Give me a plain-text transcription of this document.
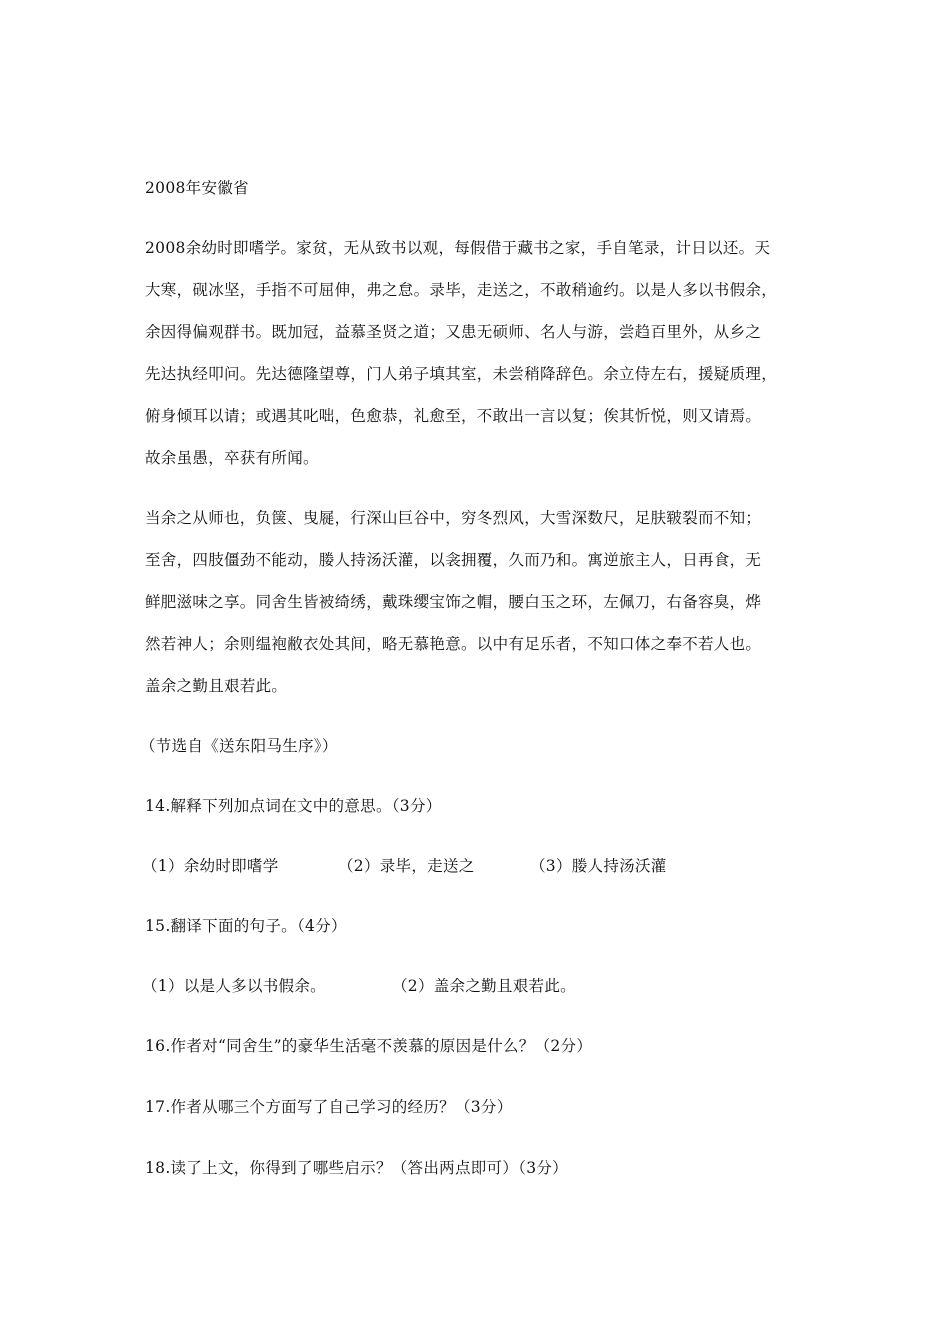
2008年安徽省
2008余幼时即嗜学。家贫，无从致书以观，每假借于藏书之家，手自笔录，计日以还。天
大寒，砚冰坚，手指不可屈伸，弗之怠。录毕，走送之，不敢稍逾约。以是人多以书假余，
余因得偏观群书。既加冠，益慕圣贤之道；又患无硕师、名人与游，尝趋百里外，从乡之
先达执经叩问。先达德隆望尊，门人弟子填其室，未尝稍降辞色。余立侍左右，援疑质理，
俯身倾耳以请；或遇其叱咄，色愈恭，礼愈至，不敢出一言以复；俟其忻悦，则又请焉。
故余虽愚，卒获有所闻。
当余之从师也，负箧、曳屣，行深山巨谷中，穷冬烈风，大雪深数尺，足肤皲裂而不知；
至舍，四肢僵劲不能动，媵人持汤沃灌，以衾拥覆，久而乃和。寓逆旅主人，日再食，无
鲜肥滋味之享。同舍生皆被绮绣，戴珠缨宝饰之帽，腰白玉之环，左佩刀，右备容臭，烨
然若神人；余则缊袍敝衣处其间，略无慕艳意。以中有足乐者，不知口体之奉不若人也。
盖余之勤且艰若此。
（节选自《送东阳马生序》）
14.解释下列加点词在文中的意思。（3分）
（1）余幼时即嗜学	（2）录毕，走送之	（3）媵人持汤沃灌
15.翻译下面的句子。（4分）
（1）以是人多以书假余。	（2）盖余之勤且艰若此。
16.作者对“同舍生”的豪华生活毫不羡慕的原因是什么？（2分）
17.作者从哪三个方面写了自己学习的经历？（3分）
18.读了上文，你得到了哪些启示？（答出两点即可）（3分）
